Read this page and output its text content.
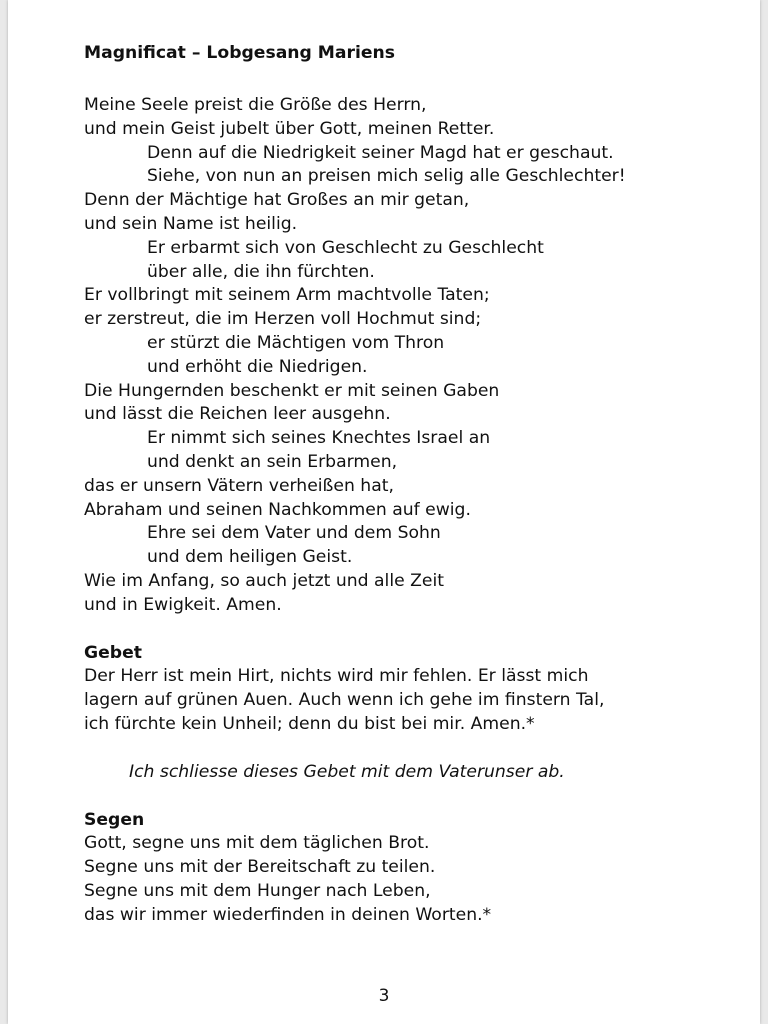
Magnificat – Lobgesang Mariens
Meine Seele preist die Größe des Herrn,
und mein Geist jubelt über Gott, meinen Retter.
Denn auf die Niedrigkeit seiner Magd hat er geschaut.
Siehe, von nun an preisen mich selig alle Geschlechter!
Denn der Mächtige hat Großes an mir getan,
und sein Name ist heilig.
Er erbarmt sich von Geschlecht zu Geschlecht
über alle, die ihn fürchten.
Er vollbringt mit seinem Arm machtvolle Taten;
er zerstreut, die im Herzen voll Hochmut sind;
er stürzt die Mächtigen vom Thron
und erhöht die Niedrigen.
Die Hungernden beschenkt er mit seinen Gaben
und lässt die Reichen leer ausgehn.
Er nimmt sich seines Knechtes Israel an
und denkt an sein Erbarmen,
das er unsern Vätern verheißen hat,
Abraham und seinen Nachkommen auf ewig.
Ehre sei dem Vater und dem Sohn
und dem heiligen Geist.
Wie im Anfang, so auch jetzt und alle Zeit
und in Ewigkeit. Amen.
Gebet
Der Herr ist mein Hirt, nichts wird mir fehlen. Er lässt mich
lagern auf grünen Auen. Auch wenn ich gehe im finstern Tal,
ich fürchte kein Unheil; denn du bist bei mir. Amen.*
Ich schliesse dieses Gebet mit dem Vaterunser ab.
Segen
Gott, segne uns mit dem täglichen Brot.
Segne uns mit der Bereitschaft zu teilen.
Segne uns mit dem Hunger nach Leben,
das wir immer wiederfinden in deinen Worten.*
3
